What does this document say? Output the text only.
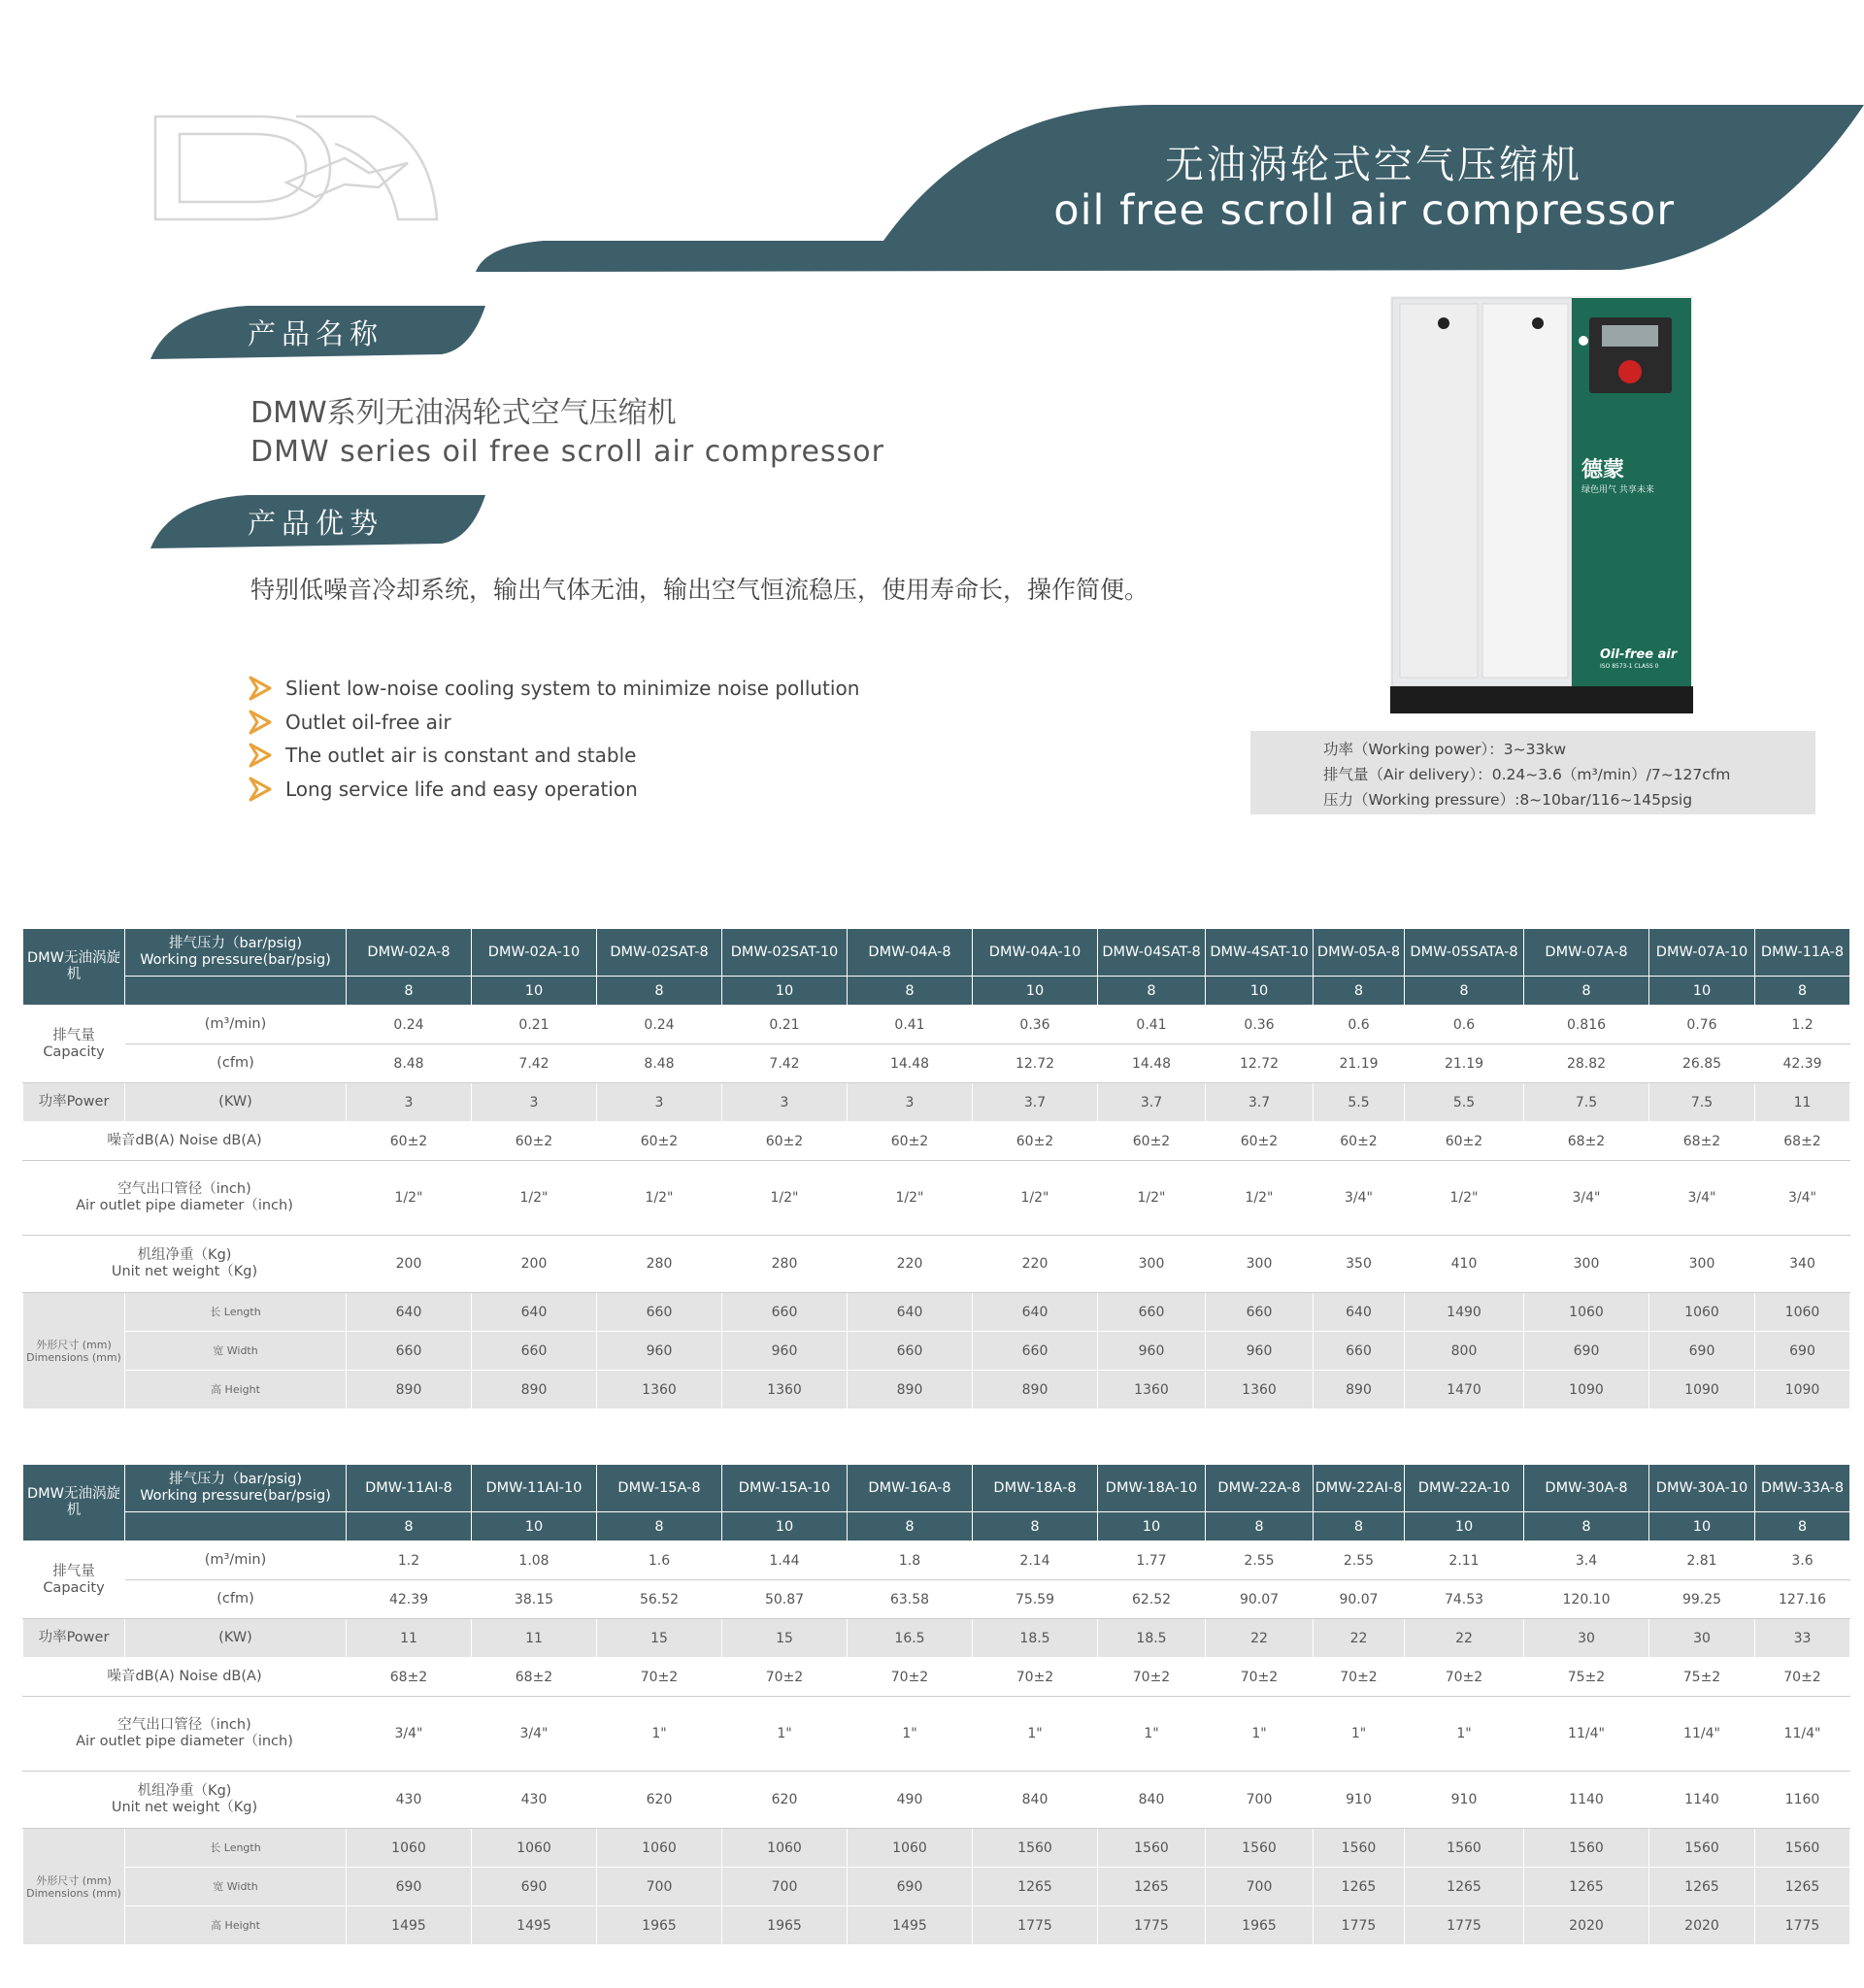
无油涡轮式空气压缩机
oil free scroll air compressor
产品名称
DMW系列无油涡轮式空气压缩机
DMW series oil free scroll air compressor
产品优势
特别低噪音冷却系统，输出气体无油，输出空气恒流稳压，使用寿命长，操作简便。
Slient low-noise cooling system to minimize noise pollution
Outlet oil-free air
The outlet air is constant and stable
Long service life and easy operation
德蒙
绿色用气 共享未来
Oil-free air
ISO 8573-1 CLASS 0
功率（Working power）：3~33kw
排气量（Air delivery）：0.24~3.6（m³/min）/7~127cfm
压力（Working pressure）:8~10bar/116~145psig
DMW无油涡旋机	排气压力（bar/psig)
Working pressure(bar/psig)	DMW-02A-8	DMW-02A-10	DMW-02SAT-8	DMW-02SAT-10	DMW-04A-8	DMW-04A-10	DMW-04SAT-8	DMW-4SAT-10	DMW-05A-8	DMW-05SATA-8	DMW-07A-8	DMW-07A-10	DMW-11A-8
		8	10	8	10	8	10	8	10	8	8	8	10	8
排气量
Capacity	(m³/min)	0.24	0.21	0.24	0.21	0.41	0.36	0.41	0.36	0.6	0.6	0.816	0.76	1.2
	(cfm)	8.48	7.42	8.48	7.42	14.48	12.72	14.48	12.72	21.19	21.19	28.82	26.85	42.39
功率Power	(KW)	3	3	3	3	3	3.7	3.7	3.7	5.5	5.5	7.5	7.5	11
噪音dB(A) Noise dB(A)		60±2	60±2	60±2	60±2	60±2	60±2	60±2	60±2	60±2	60±2	68±2	68±2	68±2
空气出口管径（inch)
Air outlet pipe diameter（inch)		1/2"	1/2"	1/2"	1/2"	1/2"	1/2"	1/2"	1/2"	3/4"	1/2"	3/4"	3/4"	3/4"
机组净重（Kg)
Unit net weight（Kg)		200	200	280	280	220	220	300	300	350	410	300	300	340
外形尺寸 (mm)
Dimensions (mm)	长 Length	640	640	660	660	640	640	660	660	640	1490	1060	1060	1060
	宽 Width	660	660	960	960	660	660	960	960	660	800	690	690	690
	高 Height	890	890	1360	1360	890	890	1360	1360	890	1470	1090	1090	1090
DMW无油涡旋机	排气压力（bar/psig)
Working pressure(bar/psig)	DMW-11AI-8	DMW-11AI-10	DMW-15A-8	DMW-15A-10	DMW-16A-8	DMW-18A-8	DMW-18A-10	DMW-22A-8	DMW-22AI-8	DMW-22A-10	DMW-30A-8	DMW-30A-10	DMW-33A-8
		8	10	8	10	8	8	10	8	8	10	8	10	8
排气量
Capacity	(m³/min)	1.2	1.08	1.6	1.44	1.8	2.14	1.77	2.55	2.55	2.11	3.4	2.81	3.6
	(cfm)	42.39	38.15	56.52	50.87	63.58	75.59	62.52	90.07	90.07	74.53	120.10	99.25	127.16
功率Power	(KW)	11	11	15	15	16.5	18.5	18.5	22	22	22	30	30	33
噪音dB(A) Noise dB(A)		68±2	68±2	70±2	70±2	70±2	70±2	70±2	70±2	70±2	70±2	75±2	75±2	70±2
空气出口管径（inch)
Air outlet pipe diameter（inch)		3/4"	3/4"	1"	1"	1"	1"	1"	1"	1"	1"	11/4"	11/4"	11/4"
机组净重（Kg)
Unit net weight（Kg)		430	430	620	620	490	840	840	700	910	910	1140	1140	1160
外形尺寸 (mm)
Dimensions (mm)	长 Length	1060	1060	1060	1060	1060	1560	1560	1560	1560	1560	1560	1560	1560
	宽 Width	690	690	700	700	690	1265	1265	700	1265	1265	1265	1265	1265
	高 Height	1495	1495	1965	1965	1495	1775	1775	1965	1775	1775	2020	2020	1775
